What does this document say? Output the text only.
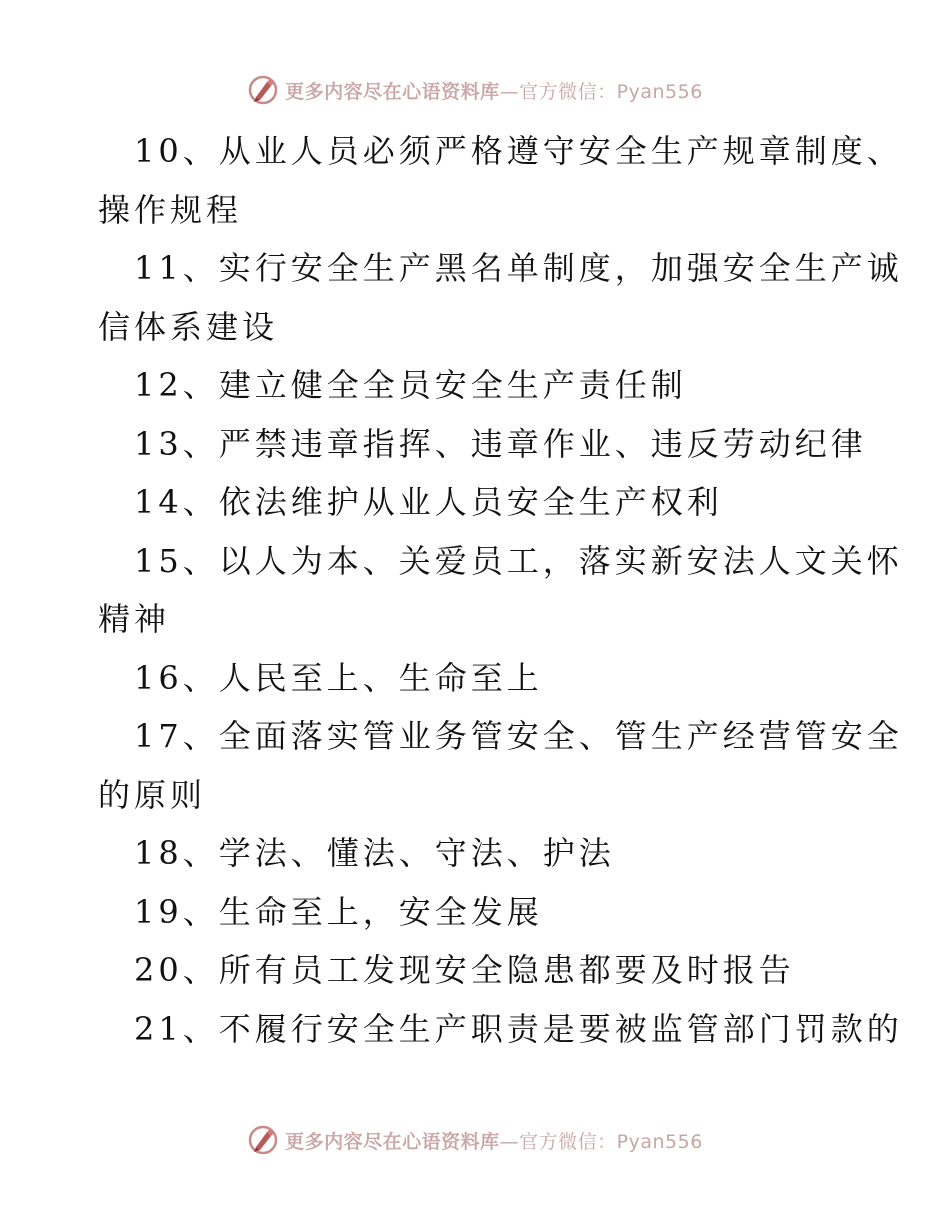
更多内容尽在心语资料库—官方微信：Pyan556
10、从业人员必须严格遵守安全生产规章制度、
操作规程
11、实行安全生产黑名单制度，加强安全生产诚
信体系建设
12、建立健全全员安全生产责任制
13、严禁违章指挥、违章作业、违反劳动纪律
14、依法维护从业人员安全生产权利
15、以人为本、关爱员工，落实新安法人文关怀
精神
16、人民至上、生命至上
17、全面落实管业务管安全、管生产经营管安全
的原则
18、学法、懂法、守法、护法
19、生命至上，安全发展
20、所有员工发现安全隐患都要及时报告
21、不履行安全生产职责是要被监管部门罚款的
更多内容尽在心语资料库—官方微信：Pyan556
